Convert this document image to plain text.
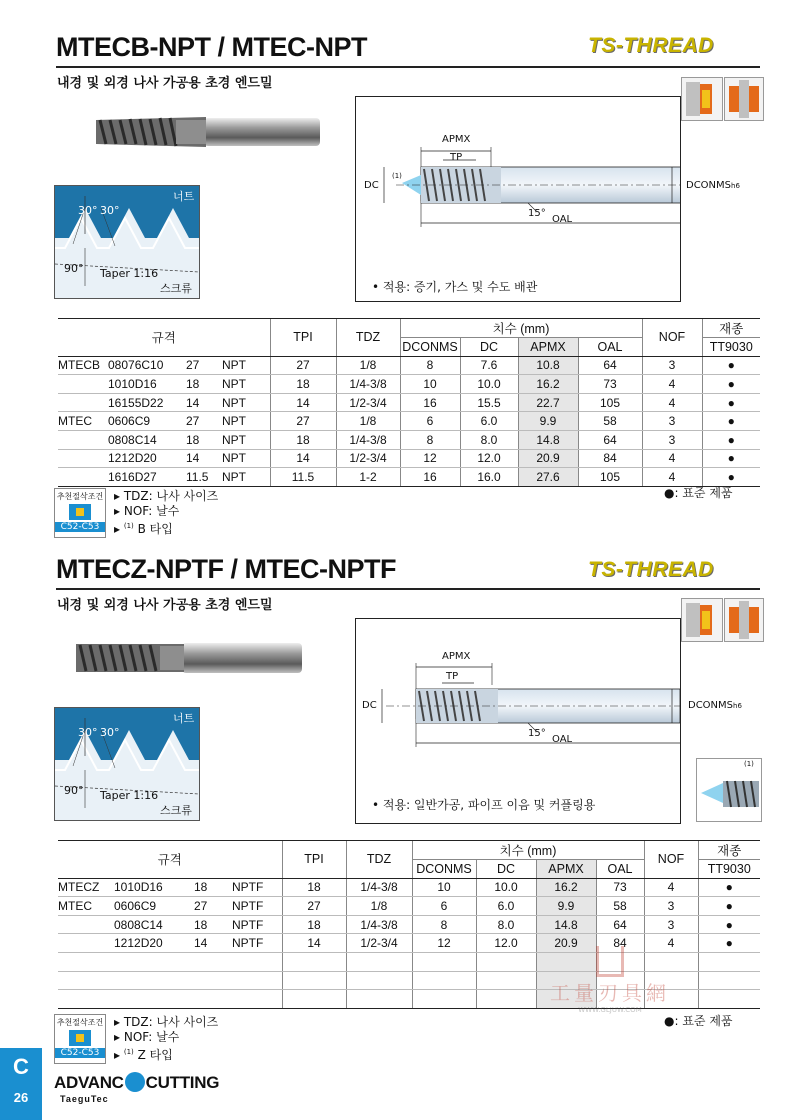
MTECB-NPT / MTEC-NPT	TS-THREAD
내경 및 외경 나사 가공용 초경 엔드밀
너트
30° 30°
90° Taper 1:16
스크류
APMX
TP
DC
(1)
DCONMSh6
15°
OAL
• 적용: 증기, 가스 및 수도 배관
규격				TPI	TDZ	치수 (mm)				NOF	재종
						DCONMS	DC	APMX	OAL		TT9030
MTECB	08076C10	27	NPT	27	1/8	8	7.6	10.8	64	3	●
	1010D16	18	NPT	18	1/4-3/8	10	10.0	16.2	73	4	●
	16155D22	14	NPT	14	1/2-3/4	16	15.5	22.7	105	4	●
MTEC	0606C9	27	NPT	27	1/8	6	6.0	9.9	58	3	●
	0808C14	18	NPT	18	1/4-3/8	8	8.0	14.8	64	3	●
	1212D20	14	NPT	14	1/2-3/4	12	12.0	20.9	84	4	●
	1616D27	11.5	NPT	11.5	1-2	16	16.0	27.6	105	4	●
추천절삭조건
C52-C53
▸ TDZ: 나사 사이즈
▸ NOF: 날수
▸ $^{(1)}$ B 타입
●: 표준 제품
MTECZ-NPTF / MTEC-NPTF	TS-THREAD
내경 및 외경 나사 가공용 초경 엔드밀
너트
30° 30°
90° Taper 1:16
스크류
APMX
TP
DC	DCONMSh6
15°
OAL
• 적용: 일반가공, 파이프 이음 및 커플링용
(1)
규격				TPI	TDZ	치수 (mm)				NOF	재종
						DCONMS	DC	APMX	OAL		TT9030
MTECZ	1010D16	18	NPTF	18	1/4-3/8	10	10.0	16.2	73	4	●
MTEC	0606C9	27	NPTF	27	1/8	6	6.0	9.9	58	3	●
	0808C14	18	NPTF	18	1/4-3/8	8	8.0	14.8	64	3	●
	1212D20	14	NPTF	14	1/2-3/4	12	12.0	20.9	84	4	●

工量刃具網
WWW.GLJUW.COM
추천절삭조건
C52-C53
▸ TDZ: 나사 사이즈
▸ NOF: 날수
▸ $^{(1)}$ Z 타입
●: 표준 제품
C
26
ADVANC CUTTING
TaeguTec
